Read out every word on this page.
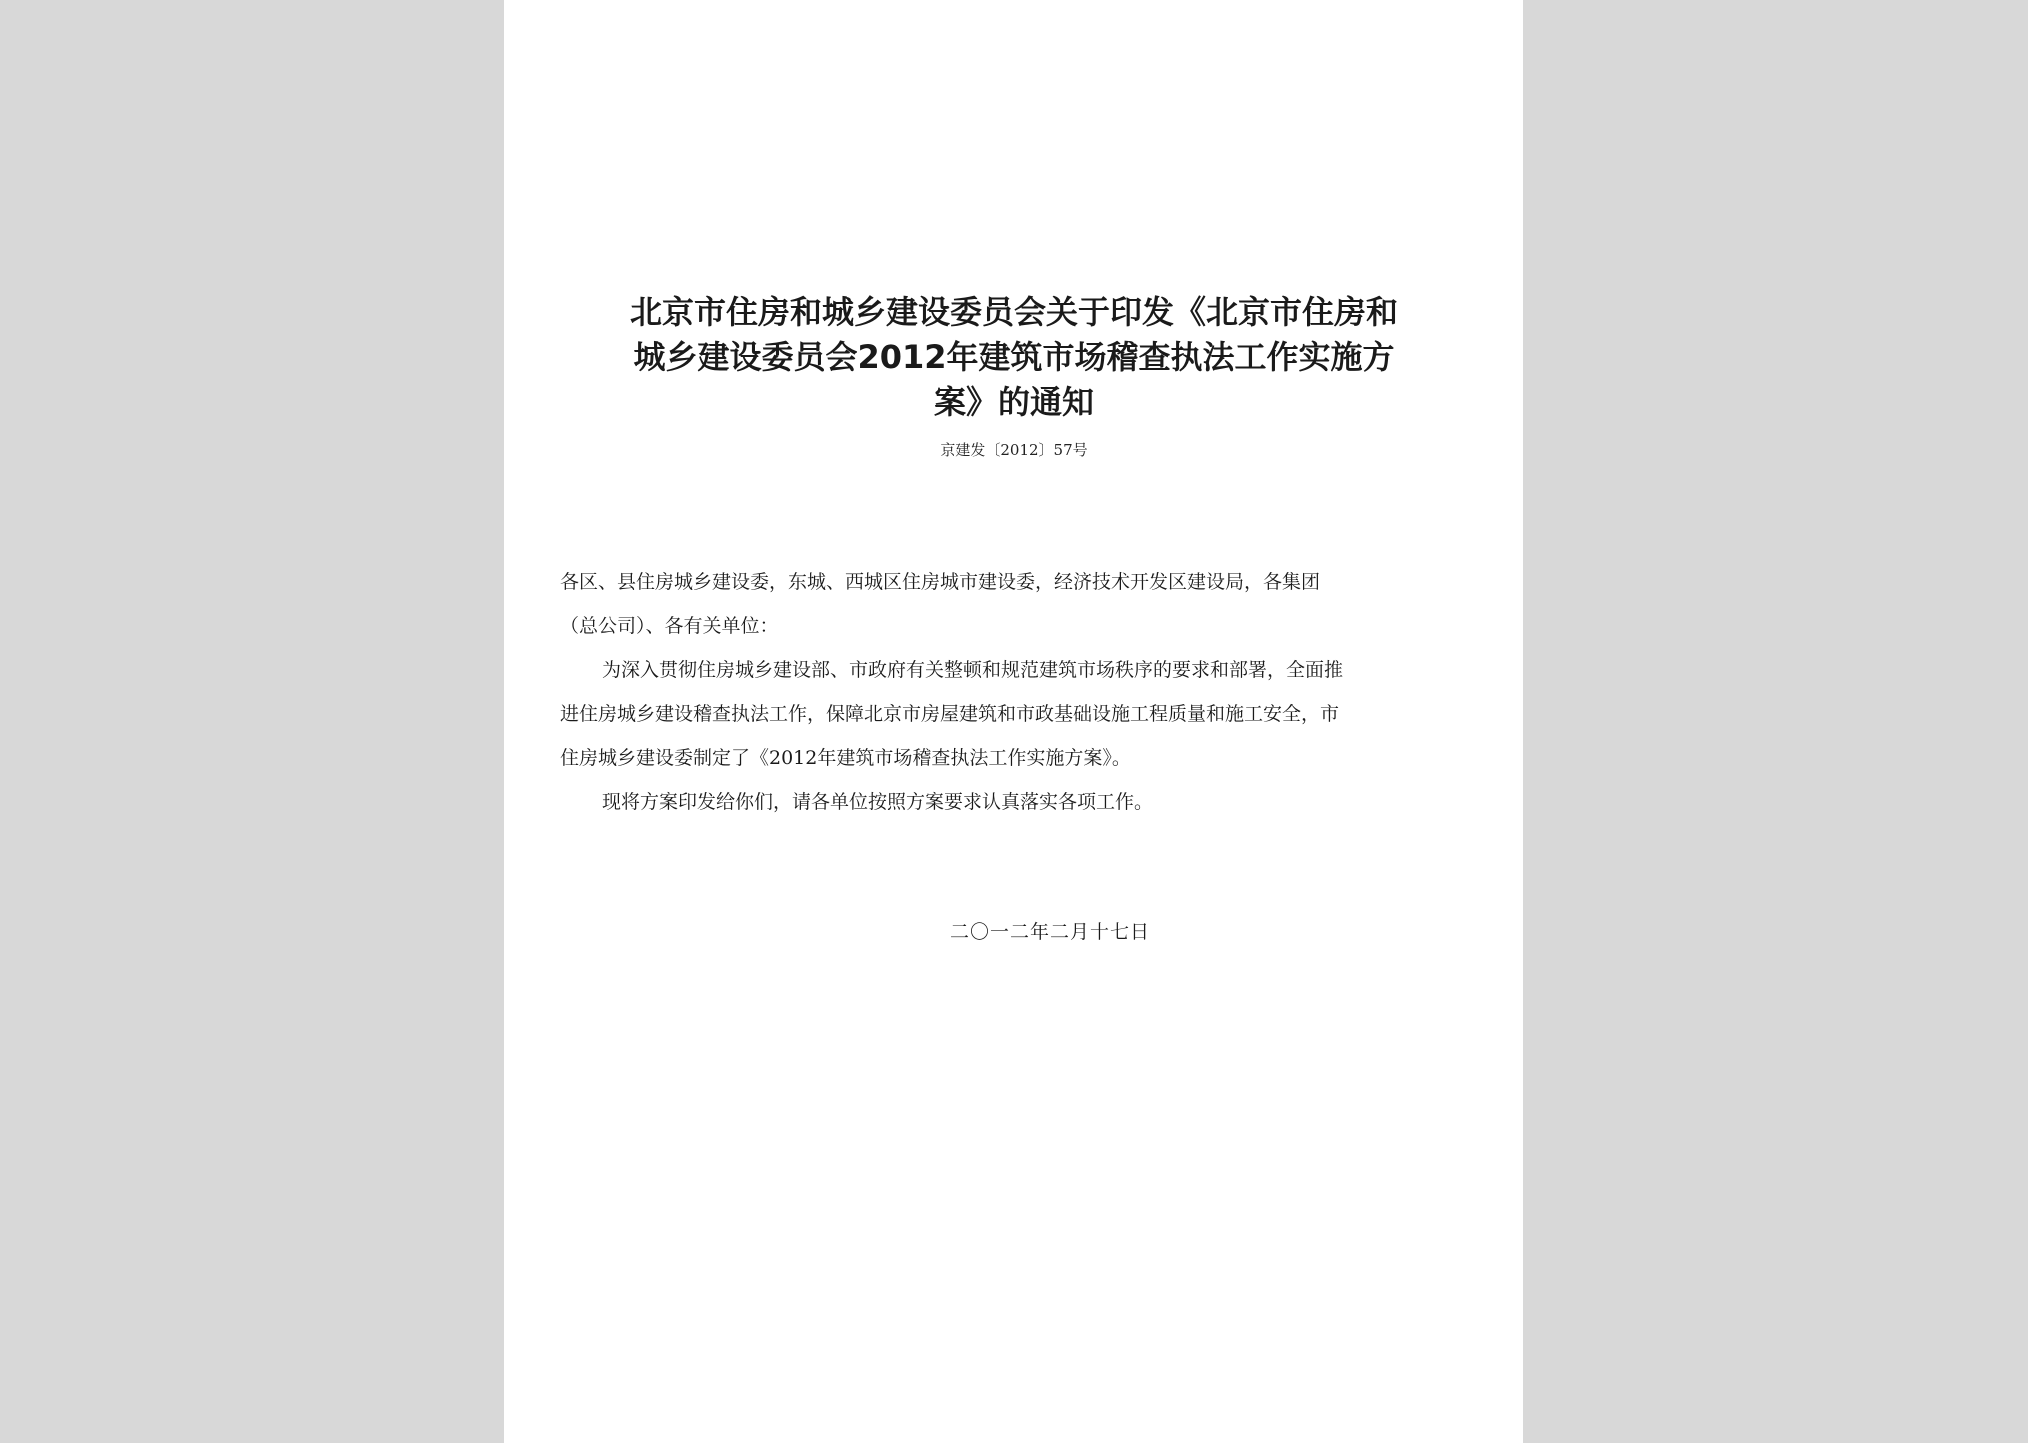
北京市住房和城乡建设委员会关于印发《北京市住房和
城乡建设委员会2012年建筑市场稽查执法工作实施方
案》的通知
京建发〔2012〕57号
各区、县住房城乡建设委，东城、西城区住房城市建设委，经济技术开发区建设局，各集团
（总公司）、各有关单位：
为深入贯彻住房城乡建设部、市政府有关整顿和规范建筑市场秩序的要求和部署，全面推
进住房城乡建设稽查执法工作，保障北京市房屋建筑和市政基础设施工程质量和施工安全，市
住房城乡建设委制定了《2012年建筑市场稽查执法工作实施方案》。
现将方案印发给你们，请各单位按照方案要求认真落实各项工作。
二〇一二年二月十七日
